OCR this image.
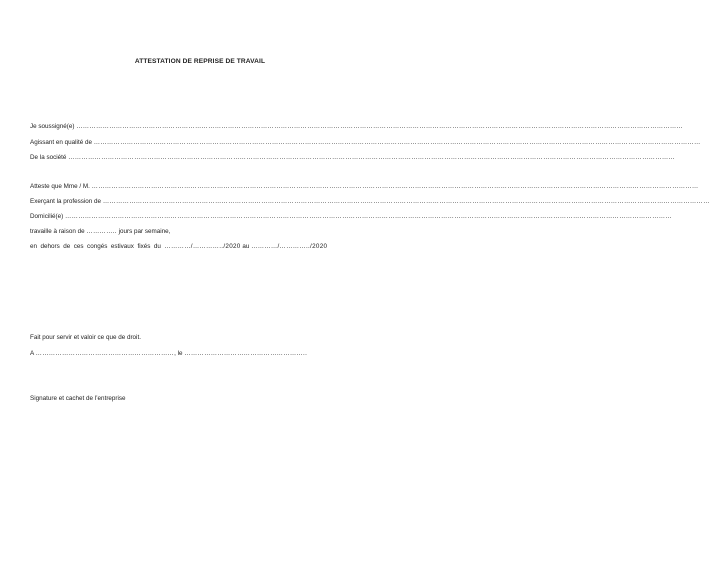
ATTESTATION DE REPRISE DE TRAVAIL
Je soussigné(e)
……………………………………………………………………………………………………………………………………………………………………………………………………………………………………………………
Agissant en qualité de
……………………………………………………………………………………………………………………………………………………………………………………………………………………………………………………
De la société
……………………………………………………………………………………………………………………………………………………………………………………………………………………………………………………
Atteste que Mme / M.
……………………………………………………………………………………………………………………………………………………………………………………………………………………………………………………
Exerçant la profession de
……………………………………………………………………………………………………………………………………………………………………………………………………………………………………………………
Domicilié(e)
……………………………………………………………………………………………………………………………………………………………………………………………………………………………………………………
travaille à raison de ………….. jours par semaine,
en  dehors  de  ces  congés  estivaux  fixés  du …………/…………../2020 au …………/…………../2020
Fait pour servir et valoir ce que de droit.
A ………………………………………………………, le ………………………………………………..
Signature et cachet de l’entreprise
